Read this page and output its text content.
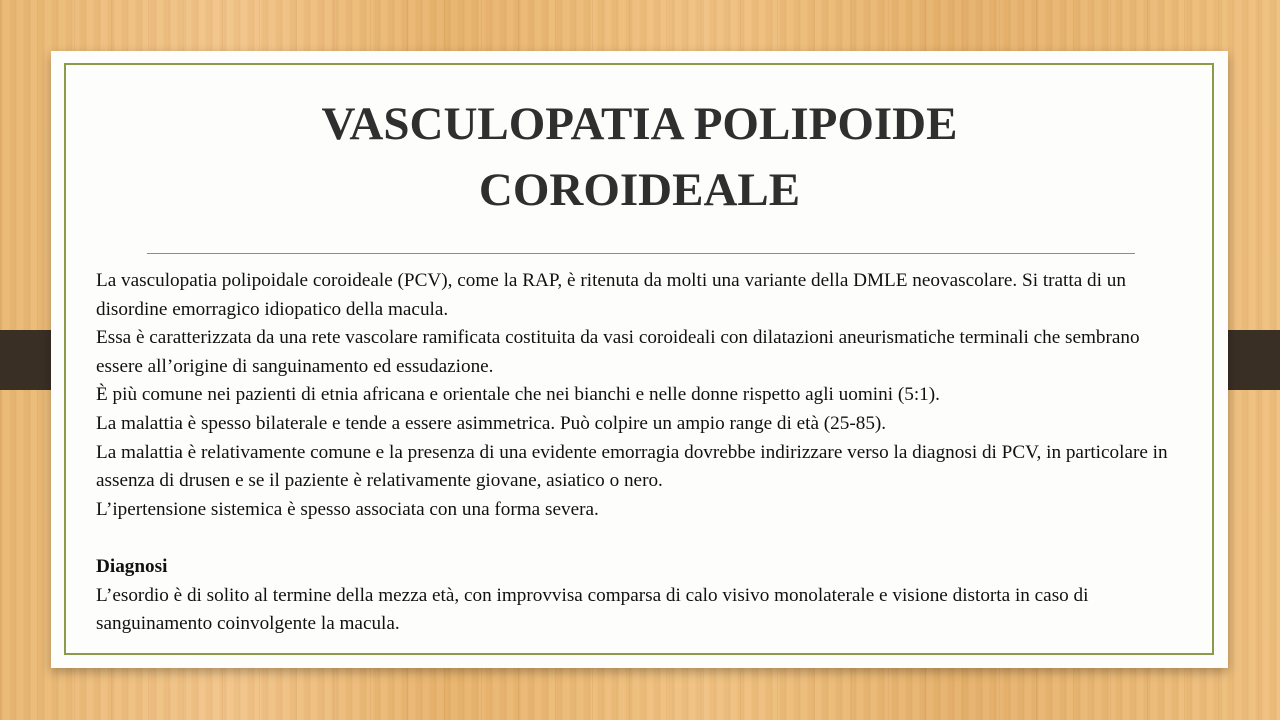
VASCULOPATIA POLIPOIDE
COROIDEALE

La vasculopatia polipoidale coroideale (PCV), come la RAP, è ritenuta da molti una variante della DMLE neovascolare. Si tratta di un disordine emorragico idiopatico della macula.

Essa è caratterizzata da una rete vascolare ramificata costituita da vasi coroideali con dilatazioni aneurismatiche terminali che sembrano essere all’origine di sanguinamento ed essudazione.

È più comune nei pazienti di etnia africana e orientale che nei bianchi e nelle donne rispetto agli uomini (5:1).

La malattia è spesso bilaterale e tende a essere asimmetrica. Può colpire un ampio range di età (25-85).

La malattia è relativamente comune e la presenza di una evidente emorragia dovrebbe indirizzare verso la diagnosi di PCV, in particolare in assenza di drusen e se il paziente è relativamente giovane, asiatico o nero.

L’ipertensione sistemica è spesso associata con una forma severa.

Diagnosi

L’esordio è di solito al termine della mezza età, con improvvisa comparsa di calo visivo monolaterale e visione distorta in caso di sanguinamento coinvolgente la macula.
